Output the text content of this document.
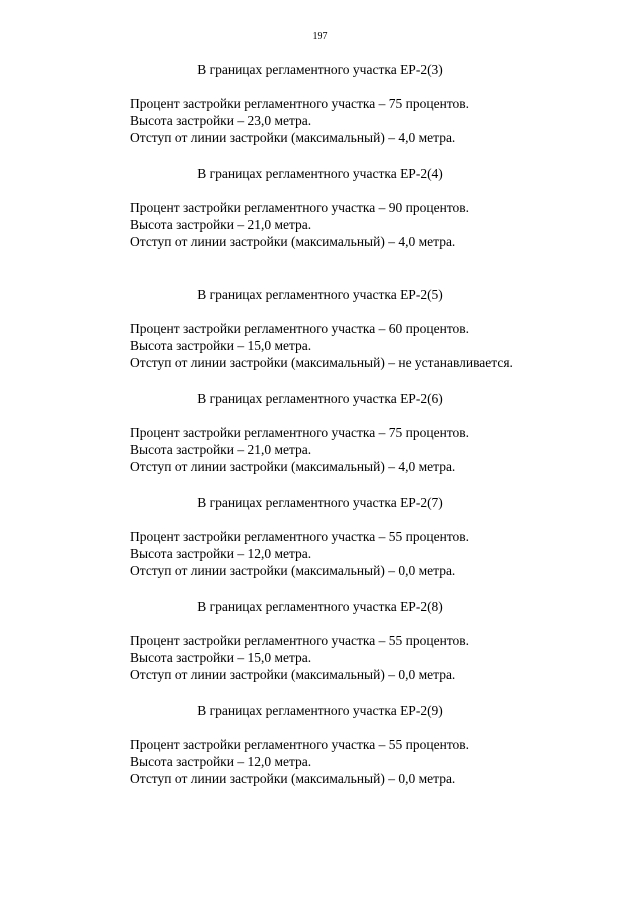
197
В границах регламентного участка ЕР-2(3)
Процент застройки регламентного участка – 75 процентов.
Высота застройки – 23,0 метра.
Отступ от линии застройки (максимальный) – 4,0 метра.
В границах регламентного участка ЕР-2(4)
Процент застройки регламентного участка – 90 процентов.
Высота застройки – 21,0 метра.
Отступ от линии застройки (максимальный) – 4,0 метра.
В границах регламентного участка ЕР-2(5)
Процент застройки регламентного участка – 60 процентов.
Высота застройки – 15,0 метра.
Отступ от линии застройки (максимальный) – не устанавливается.
В границах регламентного участка ЕР-2(6)
Процент застройки регламентного участка – 75 процентов.
Высота застройки – 21,0 метра.
Отступ от линии застройки (максимальный) – 4,0 метра.
В границах регламентного участка ЕР-2(7)
Процент застройки регламентного участка – 55 процентов.
Высота застройки – 12,0 метра.
Отступ от линии застройки (максимальный) – 0,0 метра.
В границах регламентного участка ЕР-2(8)
Процент застройки регламентного участка – 55 процентов.
Высота застройки – 15,0 метра.
Отступ от линии застройки (максимальный) – 0,0 метра.
В границах регламентного участка ЕР-2(9)
Процент застройки регламентного участка – 55 процентов.
Высота застройки – 12,0 метра.
Отступ от линии застройки (максимальный) – 0,0 метра.
